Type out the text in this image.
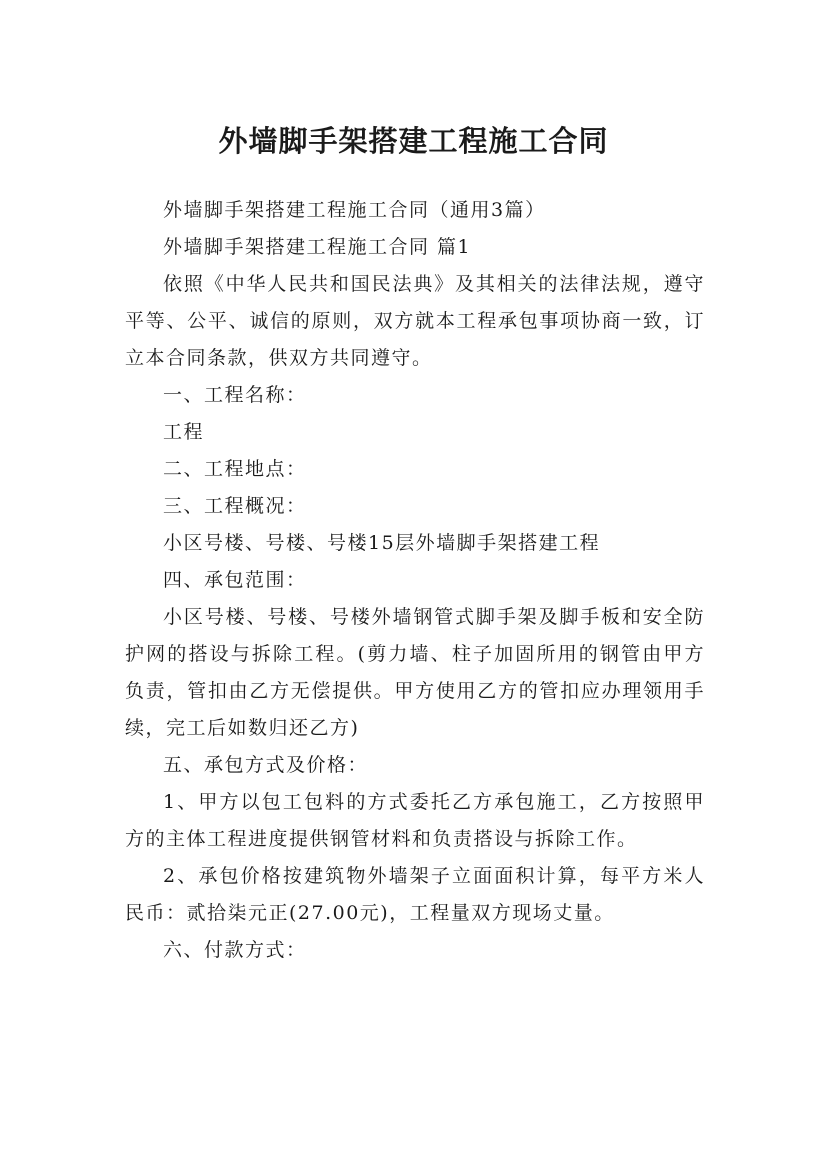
外墙脚手架搭建工程施工合同

外墙脚手架搭建工程施工合同（通用3篇）

外墙脚手架搭建工程施工合同 篇1

依照《中华人民共和国民法典》及其相关的法律法规，遵守平等、公平、诚信的原则，双方就本工程承包事项协商一致，订立本合同条款，供双方共同遵守。

一、工程名称：

工程

二、工程地点：

三、工程概况：

小区号楼、号楼、号楼15层外墙脚手架搭建工程

四、承包范围：

小区号楼、号楼、号楼外墙钢管式脚手架及脚手板和安全防护网的搭设与拆除工程。(剪力墙、柱子加固所用的钢管由甲方负责，管扣由乙方无偿提供。甲方使用乙方的管扣应办理领用手续，完工后如数归还乙方)

五、承包方式及价格：

1、甲方以包工包料的方式委托乙方承包施工，乙方按照甲方的主体工程进度提供钢管材料和负责搭设与拆除工作。

2、承包价格按建筑物外墙架子立面面积计算，每平方米人民币：贰拾柒元正(27.00元)，工程量双方现场丈量。

六、付款方式：
